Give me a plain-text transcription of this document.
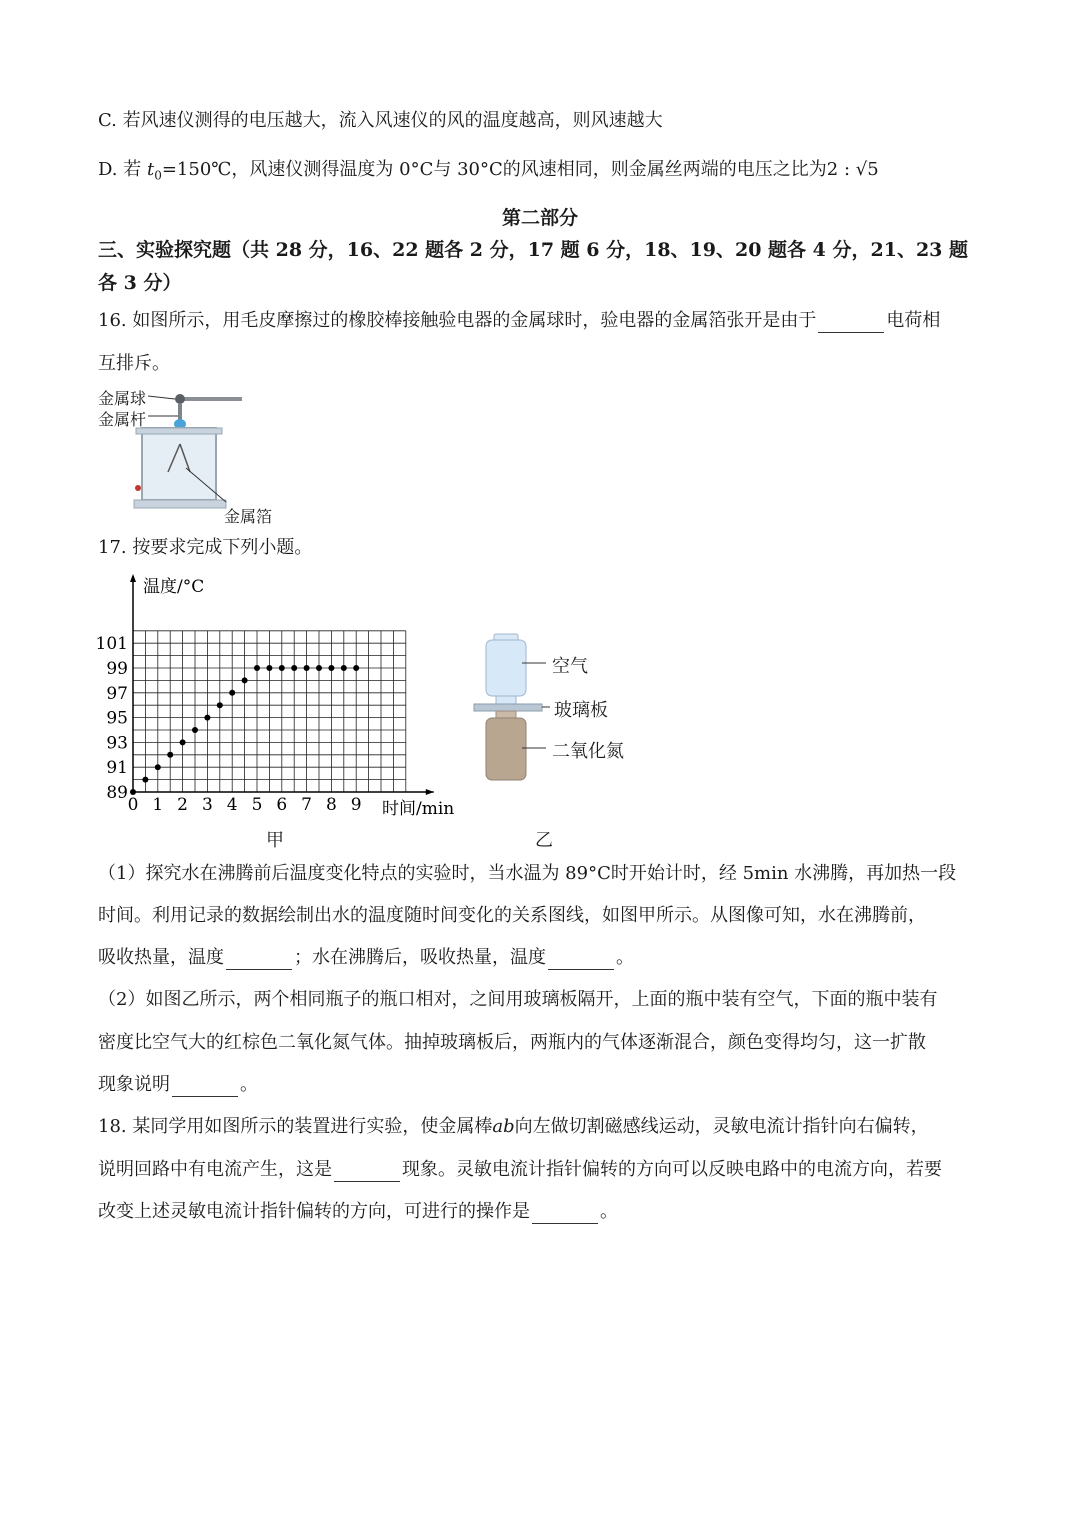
C. 若风速仪测得的电压越大，流入风速仪的风的温度越高，则风速越大
D. 若 $t_0=150℃$，风速仪测得温度为 0°C与 30°C的风速相同，则金属丝两端的电压之比为2 : √5
第二部分
三、实验探究题（共 28 分，16、22 题各 2 分，17 题 6 分，18、19、20 题各 4 分，21、23 题
各 3 分）
16. 如图所示，用毛皮摩擦过的橡胶棒接触验电器的金属球时，验电器的金属箔张开是由于	电荷相
互排斥。
金属球
金属杆
金属箔
17. 按要求完成下列小题。
0 1 2 3 4 5 6 7 8 9
89
91
93
95
97
99
101
温度/°C
时间/min
甲
空气
玻璃板
二氧化氮
乙
（1）探究水在沸腾前后温度变化特点的实验时，当水温为 89°C时开始计时，经 5min 水沸腾，再加热一段
时间。利用记录的数据绘制出水的温度随时间变化的关系图线，如图甲所示。从图像可知，水在沸腾前，
吸收热量，温度	；水在沸腾后，吸收热量，温度	。
（2）如图乙所示，两个相同瓶子的瓶口相对，之间用玻璃板隔开，上面的瓶中装有空气，下面的瓶中装有
密度比空气大的红棕色二氧化氮气体。抽掉玻璃板后，两瓶内的气体逐渐混合，颜色变得均匀，这一扩散
现象说明	。
18. 某同学用如图所示的装置进行实验，使金属棒ab向左做切割磁感线运动，灵敏电流计指针向右偏转，
说明回路中有电流产生，这是	现象。灵敏电流计指针偏转的方向可以反映电路中的电流方向，若要
改变上述灵敏电流计指针偏转的方向，可进行的操作是	。
